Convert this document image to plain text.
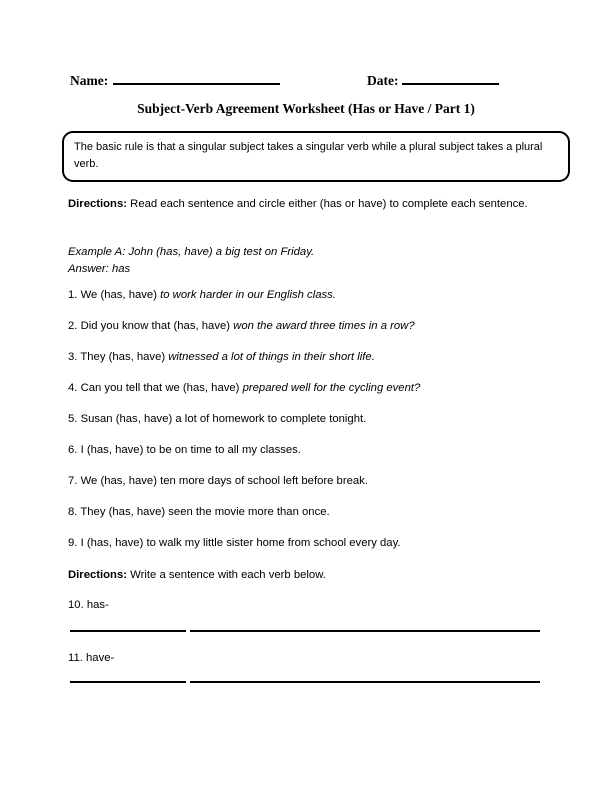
Name:	Date:
Subject-Verb Agreement Worksheet (Has or Have / Part 1)
The basic rule is that a singular subject takes a singular verb while a plural subject takes a plural verb.

Directions: Read each sentence and circle either (has or have) to complete each sentence.

Example A: John (has, have) a big test on Friday.
Answer: has

1. We (has, have) to work harder in our English class.

2. Did you know that (has, have) won the award three times in a row?

3. They (has, have) witnessed a lot of things in their short life.

4. Can you tell that we (has, have) prepared well for the cycling event?

5. Susan (has, have) a lot of homework to complete tonight.

6. I (has, have) to be on time to all my classes.

7. We (has, have) ten more days of school left before break.

8. They (has, have) seen the movie more than once.

9. I (has, have) to walk my little sister home from school every day.

Directions: Write a sentence with each verb below.

10. has-

11. have-
